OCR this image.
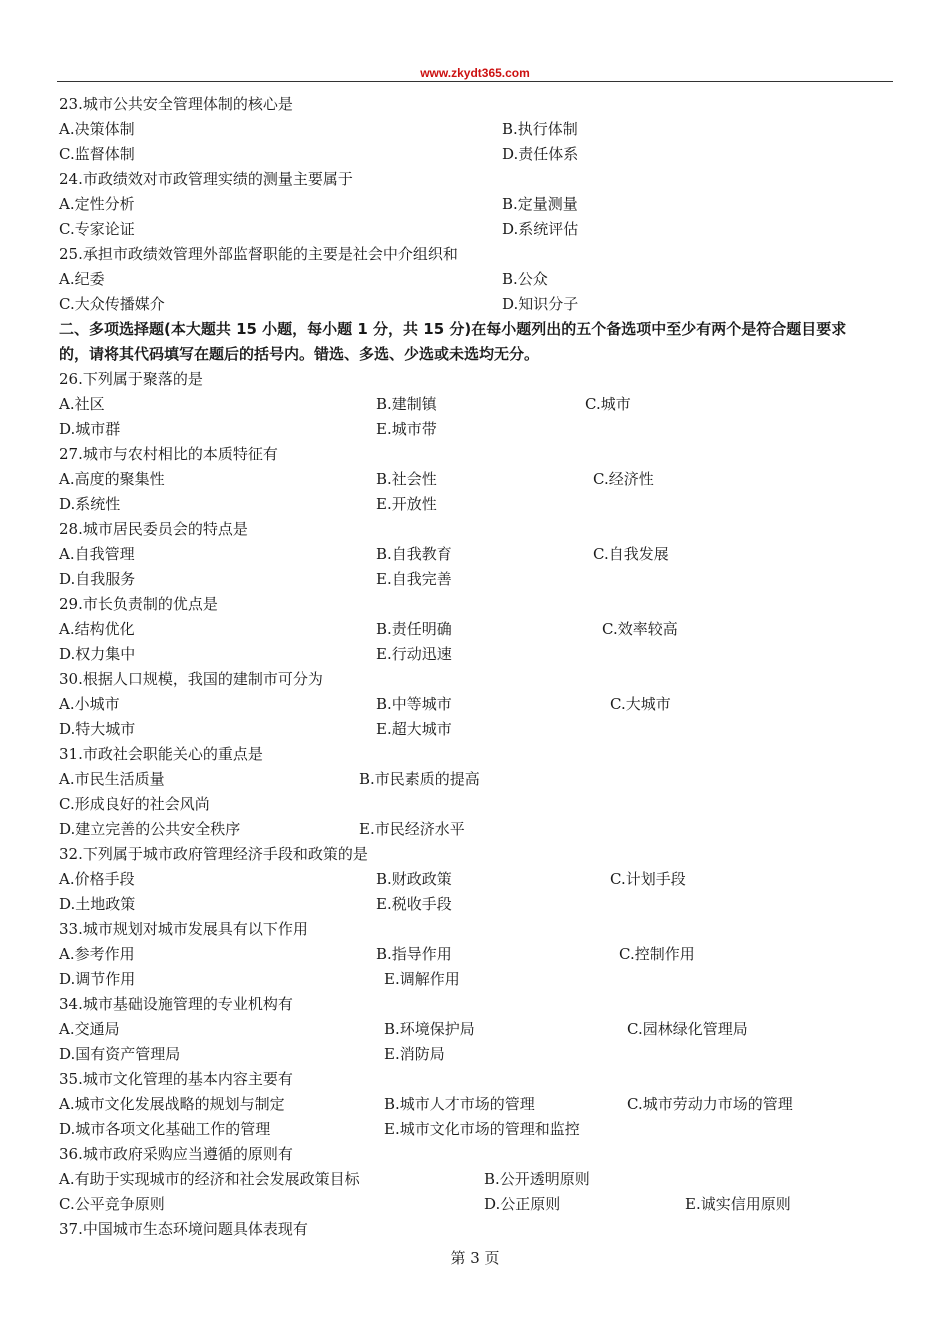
www.zkydt365.com
23.城市公共安全管理体制的核心是
A.决策体制	B.执行体制
C.监督体制	D.责任体系
24.市政绩效对市政管理实绩的测量主要属于
A.定性分析	B.定量测量
C.专家论证	D.系统评估
25.承担市政绩效管理外部监督职能的主要是社会中介组织和
A.纪委	B.公众
C.大众传播媒介	D.知识分子
二、多项选择题(本大题共 15 小题，每小题 1 分，共 15 分)在每小题列出的五个备选项中至少有两个是符合题目要求
的，请将其代码填写在题后的括号内。错选、多选、少选或未选均无分。
26.下列属于聚落的是
A.社区	B.建制镇	C.城市
D.城市群	E.城市带
27.城市与农村相比的本质特征有
A.高度的聚集性	B.社会性	C.经济性
D.系统性	E.开放性
28.城市居民委员会的特点是
A.自我管理	B.自我教育	C.自我发展
D.自我服务	E.自我完善
29.市长负责制的优点是
A.结构优化	B.责任明确	C.效率较高
D.权力集中	E.行动迅速
30.根据人口规模，我国的建制市可分为
A.小城市	B.中等城市	C.大城市
D.特大城市	E.超大城市
31.市政社会职能关心的重点是
A.市民生活质量	B.市民素质的提高
C.形成良好的社会风尚
D.建立完善的公共安全秩序	E.市民经济水平
32.下列属于城市政府管理经济手段和政策的是
A.价格手段	B.财政政策	C.计划手段
D.土地政策	E.税收手段
33.城市规划对城市发展具有以下作用
A.参考作用	B.指导作用	C.控制作用
D.调节作用	E.调解作用
34.城市基础设施管理的专业机构有
A.交通局	B.环境保护局	C.园林绿化管理局
D.国有资产管理局	E.消防局
35.城市文化管理的基本内容主要有
A.城市文化发展战略的规划与制定	B.城市人才市场的管理	C.城市劳动力市场的管理
D.城市各项文化基础工作的管理	E.城市文化市场的管理和监控
36.城市政府采购应当遵循的原则有
A.有助于实现城市的经济和社会发展政策目标	B.公开透明原则
C.公平竞争原则	D.公正原则	E.诚实信用原则
37.中国城市生态环境问题具体表现有
第 3 页
